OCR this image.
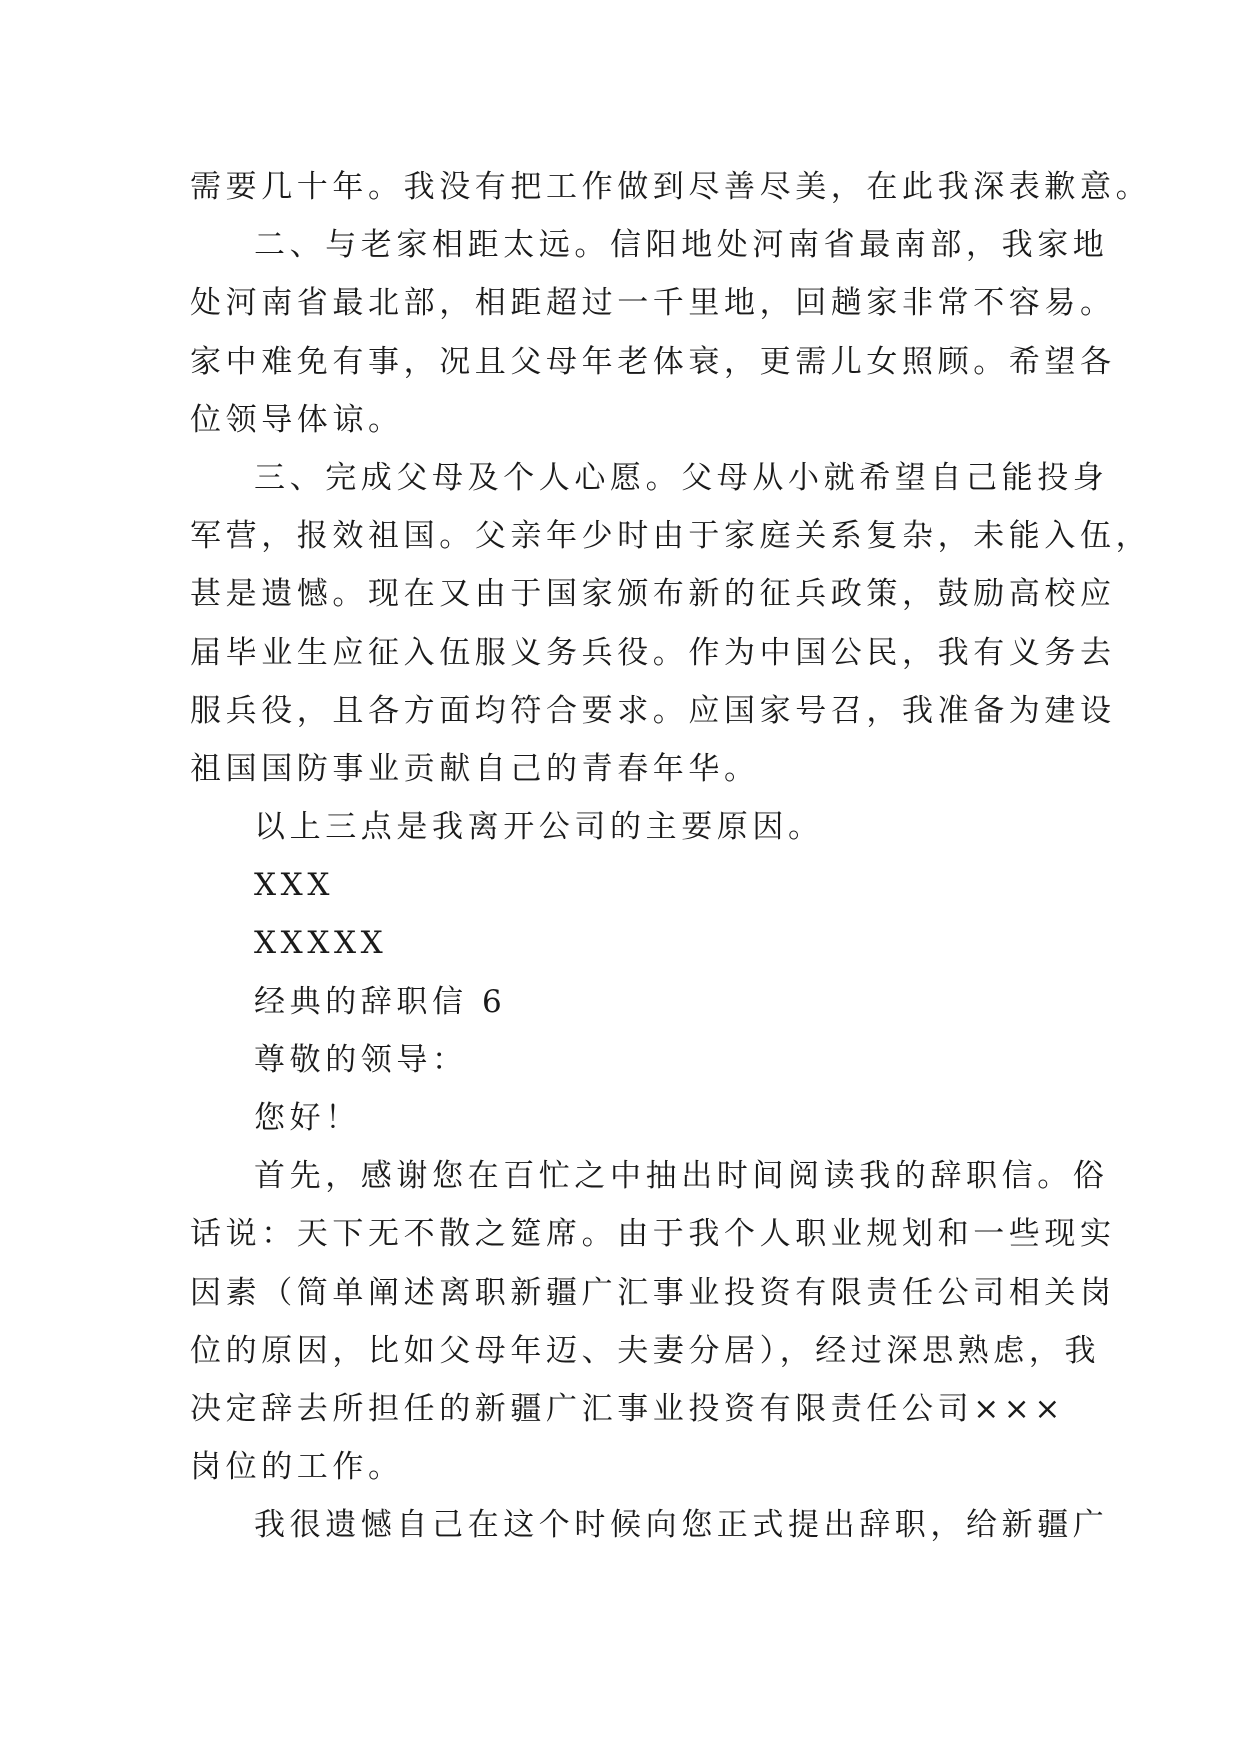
需要几十年。我没有把工作做到尽善尽美，在此我深表歉意。
二、与老家相距太远。信阳地处河南省最南部，我家地
处河南省最北部，相距超过一千里地，回趟家非常不容易。
家中难免有事，况且父母年老体衰，更需儿女照顾。希望各
位领导体谅。
三、完成父母及个人心愿。父母从小就希望自己能投身
军营，报效祖国。父亲年少时由于家庭关系复杂，未能入伍，
甚是遗憾。现在又由于国家颁布新的征兵政策，鼓励高校应
届毕业生应征入伍服义务兵役。作为中国公民，我有义务去
服兵役，且各方面均符合要求。应国家号召，我准备为建设
祖国国防事业贡献自己的青春年华。
以上三点是我离开公司的主要原因。
XXX
XXXXX
经典的辞职信 6
尊敬的领导：
您好！
首先，感谢您在百忙之中抽出时间阅读我的辞职信。俗
话说：天下无不散之筵席。由于我个人职业规划和一些现实
因素（简单阐述离职新疆广汇事业投资有限责任公司相关岗
位的原因，比如父母年迈、夫妻分居），经过深思熟虑，我
决定辞去所担任的新疆广汇事业投资有限责任公司×××
岗位的工作。
我很遗憾自己在这个时候向您正式提出辞职，给新疆广
